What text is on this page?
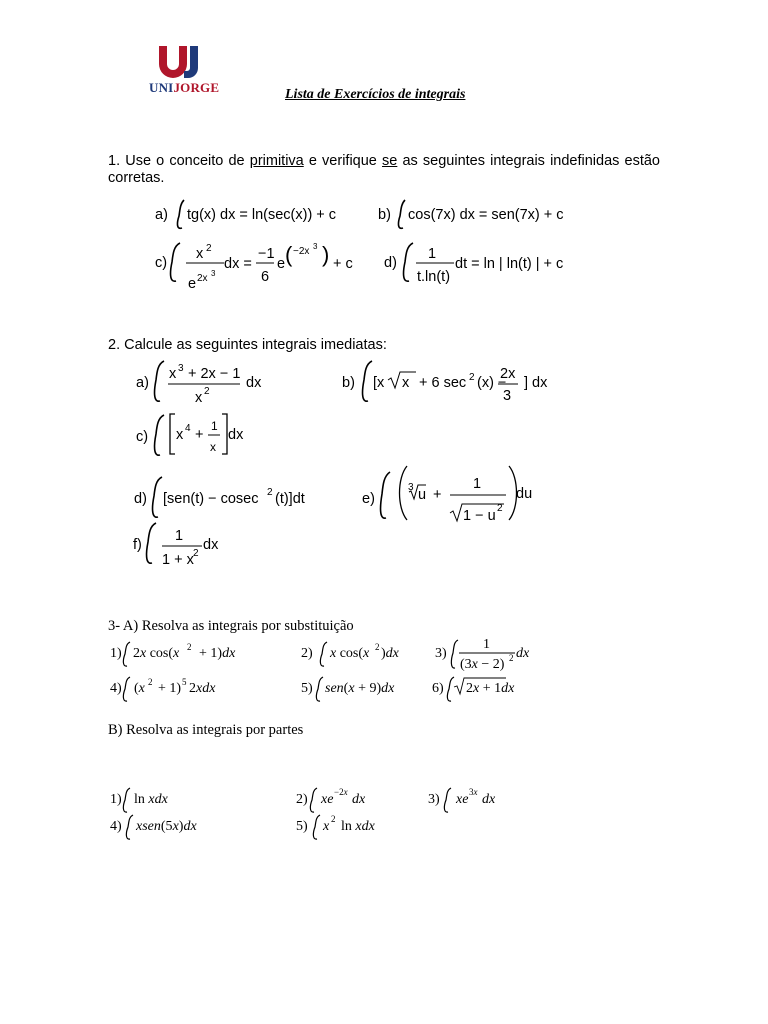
UNIJORGE	Lista de Exercícios de integrais
1. Use o conceito de primitiva e verifique se as seguintes integrais indefinidas estão corretas.
a) tg(x) dx = ln(sec(x)) + c	b) cos(7x) dx = sen(7x) + c
c)
x 2
e 2x 3
dx =
−1
6
e ( −2x 3 ) + c d)
1
t.ln(t)
dt = ln | ln(t) | + c
2. Calcule as seguintes integrais imediatas:
a)
x 3 + 2x − 1
x 2
dx	b) [x x + 6 sec 2 (x) −
2x
3
] dx
c) x 4 +
1
x
dx
d) [sen(t) − cosec 2 (t)]dt	e)
3 u +
1
1 − u 2
du
f)
1
1 + x 2
dx
3- A) Resolva as integrais por substituição
1) 2x cos(x 2 + 1)dx	2) x cos(x 2 )dx	3)
1
(3x − 2) 2 dx
4) (x 2 + 1) 5 2xdx	5) sen(x + 9)dx	6) 2x + 1dx
B) Resolva as integrais por partes
1) ln xdx	2) xe −2x dx	3) xe 3x dx
4) xsen(5x)dx	5) x 2 ln xdx
